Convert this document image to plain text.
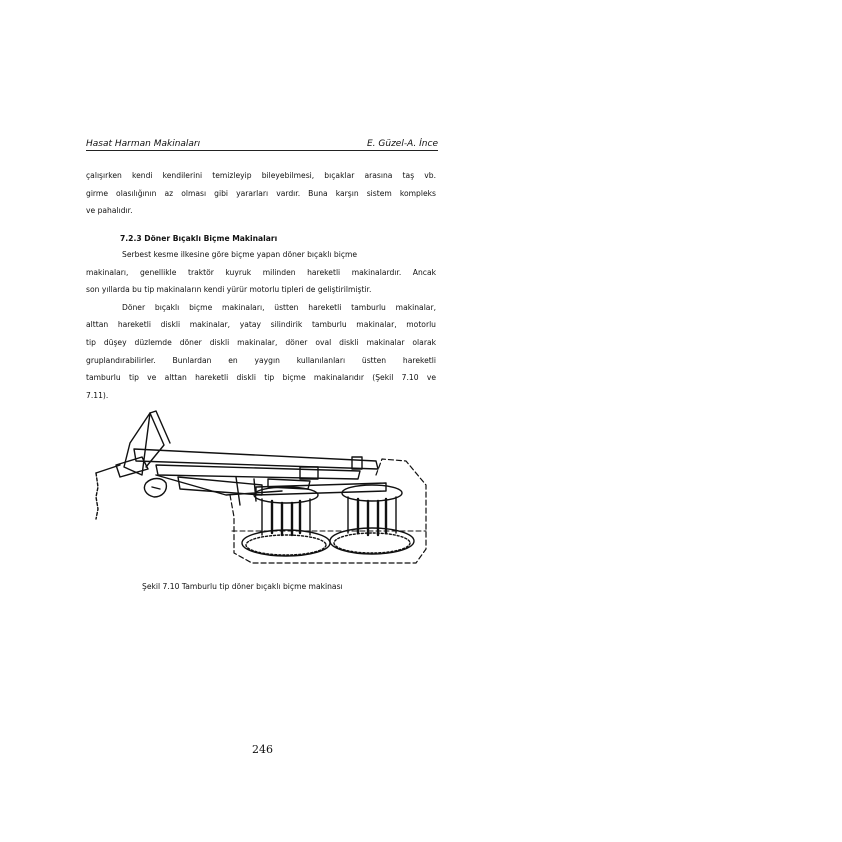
Hasat Harman Makinaları	E. Güzel-A. İnce
çalışırken kendi kendilerini temizleyip bileyebilmesi, bıçaklar arasına taş vb.
girme olasılığının az olması gibi yararları vardır. Buna karşın sistem kompleks
ve pahalıdır.
7.2.3 Döner Bıçaklı Biçme Makinaları
Serbest kesme ilkesine göre biçme yapan döner bıçaklı biçme
makinaları, genellikle traktör kuyruk milinden hareketli makinalardır. Ancak
son yıllarda bu tip makinaların kendi yürür motorlu tipleri de geliştirilmiştir.
Döner bıçaklı biçme makinaları, üstten hareketli tamburlu makinalar,
alttan hareketli diskli makinalar, yatay silindirik tamburlu makinalar, motorlu
tip düşey düzlemde döner diskli makinalar, döner oval diskli makinalar olarak
gruplandırabilirler. Bunlardan en yaygın kullanılanları üstten hareketli
tamburlu tip ve alttan hareketli diskli tip biçme makinalarıdır (Şekil 7.10 ve
7.11).
Şekil 7.10 Tamburlu tip döner bıçaklı biçme makinası
246
